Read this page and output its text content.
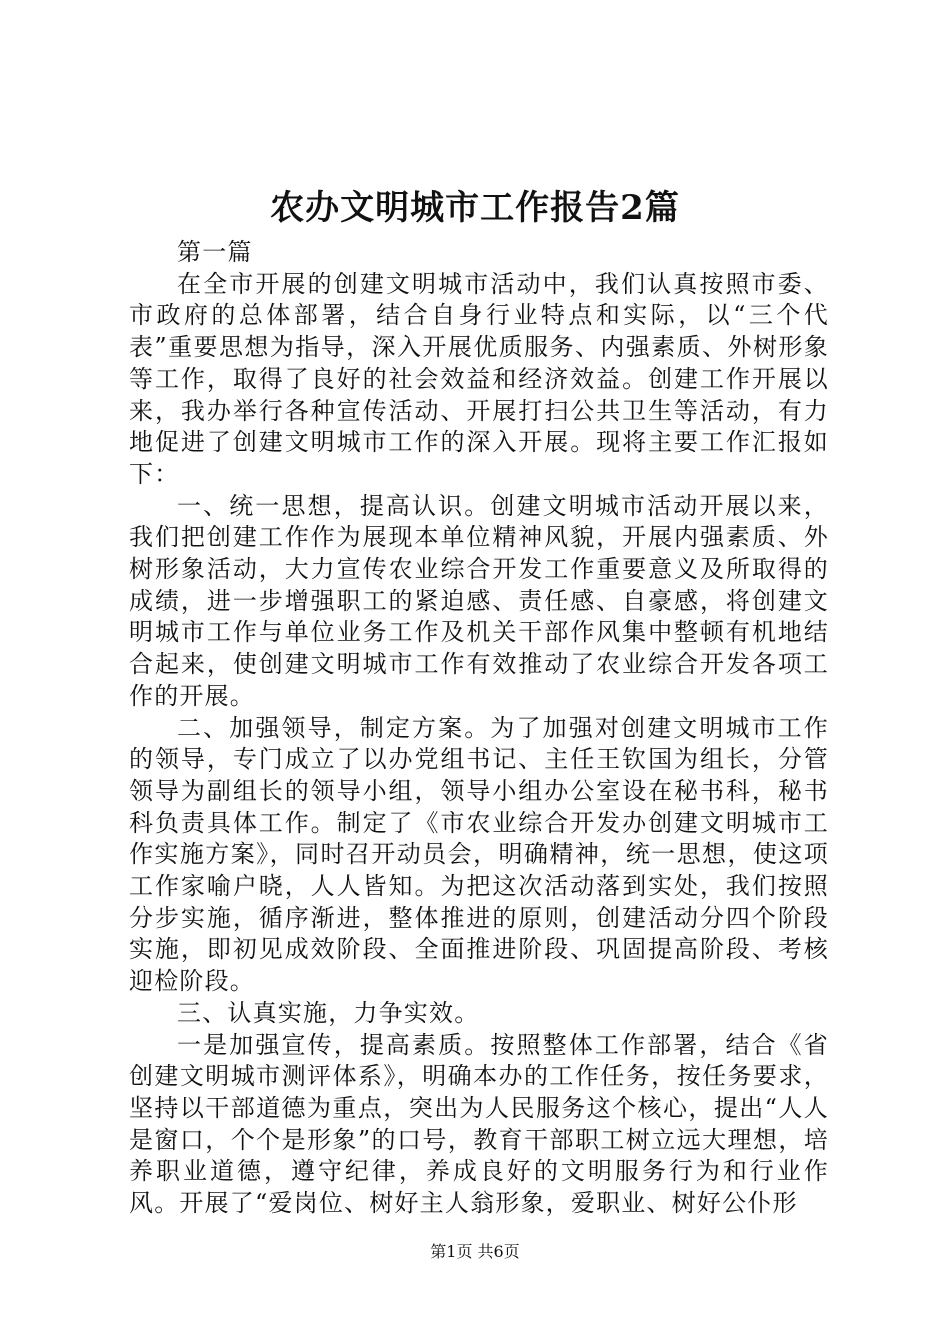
农办文明城市工作报告2篇

第一篇

在全市开展的创建文明城市活动中，我们认真按照市委、市政府的总体部署，结合自身行业特点和实际，以“三个代表”重要思想为指导，深入开展优质服务、内强素质、外树形象等工作，取得了良好的社会效益和经济效益。创建工作开展以来，我办举行各种宣传活动、开展打扫公共卫生等活动，有力地促进了创建文明城市工作的深入开展。现将主要工作汇报如下：

一、统一思想，提高认识。创建文明城市活动开展以来，我们把创建工作作为展现本单位精神风貌，开展内强素质、外树形象活动，大力宣传农业综合开发工作重要意义及所取得的成绩，进一步增强职工的紧迫感、责任感、自豪感，将创建文明城市工作与单位业务工作及机关干部作风集中整顿有机地结合起来，使创建文明城市工作有效推动了农业综合开发各项工作的开展。

二、加强领导，制定方案。为了加强对创建文明城市工作的领导，专门成立了以办党组书记、主任王钦国为组长，分管领导为副组长的领导小组，领导小组办公室设在秘书科，秘书科负责具体工作。制定了《市农业综合开发办创建文明城市工作实施方案》，同时召开动员会，明确精神，统一思想，使这项工作家喻户晓，人人皆知。为把这次活动落到实处，我们按照分步实施，循序渐进，整体推进的原则，创建活动分四个阶段实施，即初见成效阶段、全面推进阶段、巩固提高阶段、考核迎检阶段。

三、认真实施，力争实效。

一是加强宣传，提高素质。按照整体工作部署，结合《省创建文明城市测评体系》，明确本办的工作任务，按任务要求，坚持以干部道德为重点，突出为人民服务这个核心，提出“人人是窗口，个个是形象”的口号，教育干部职工树立远大理想，培养职业道德，遵守纪律，养成良好的文明服务行为和行业作风。开展了“爱岗位、树好主人翁形象，爱职业、树好公仆形

第1页 共6页
